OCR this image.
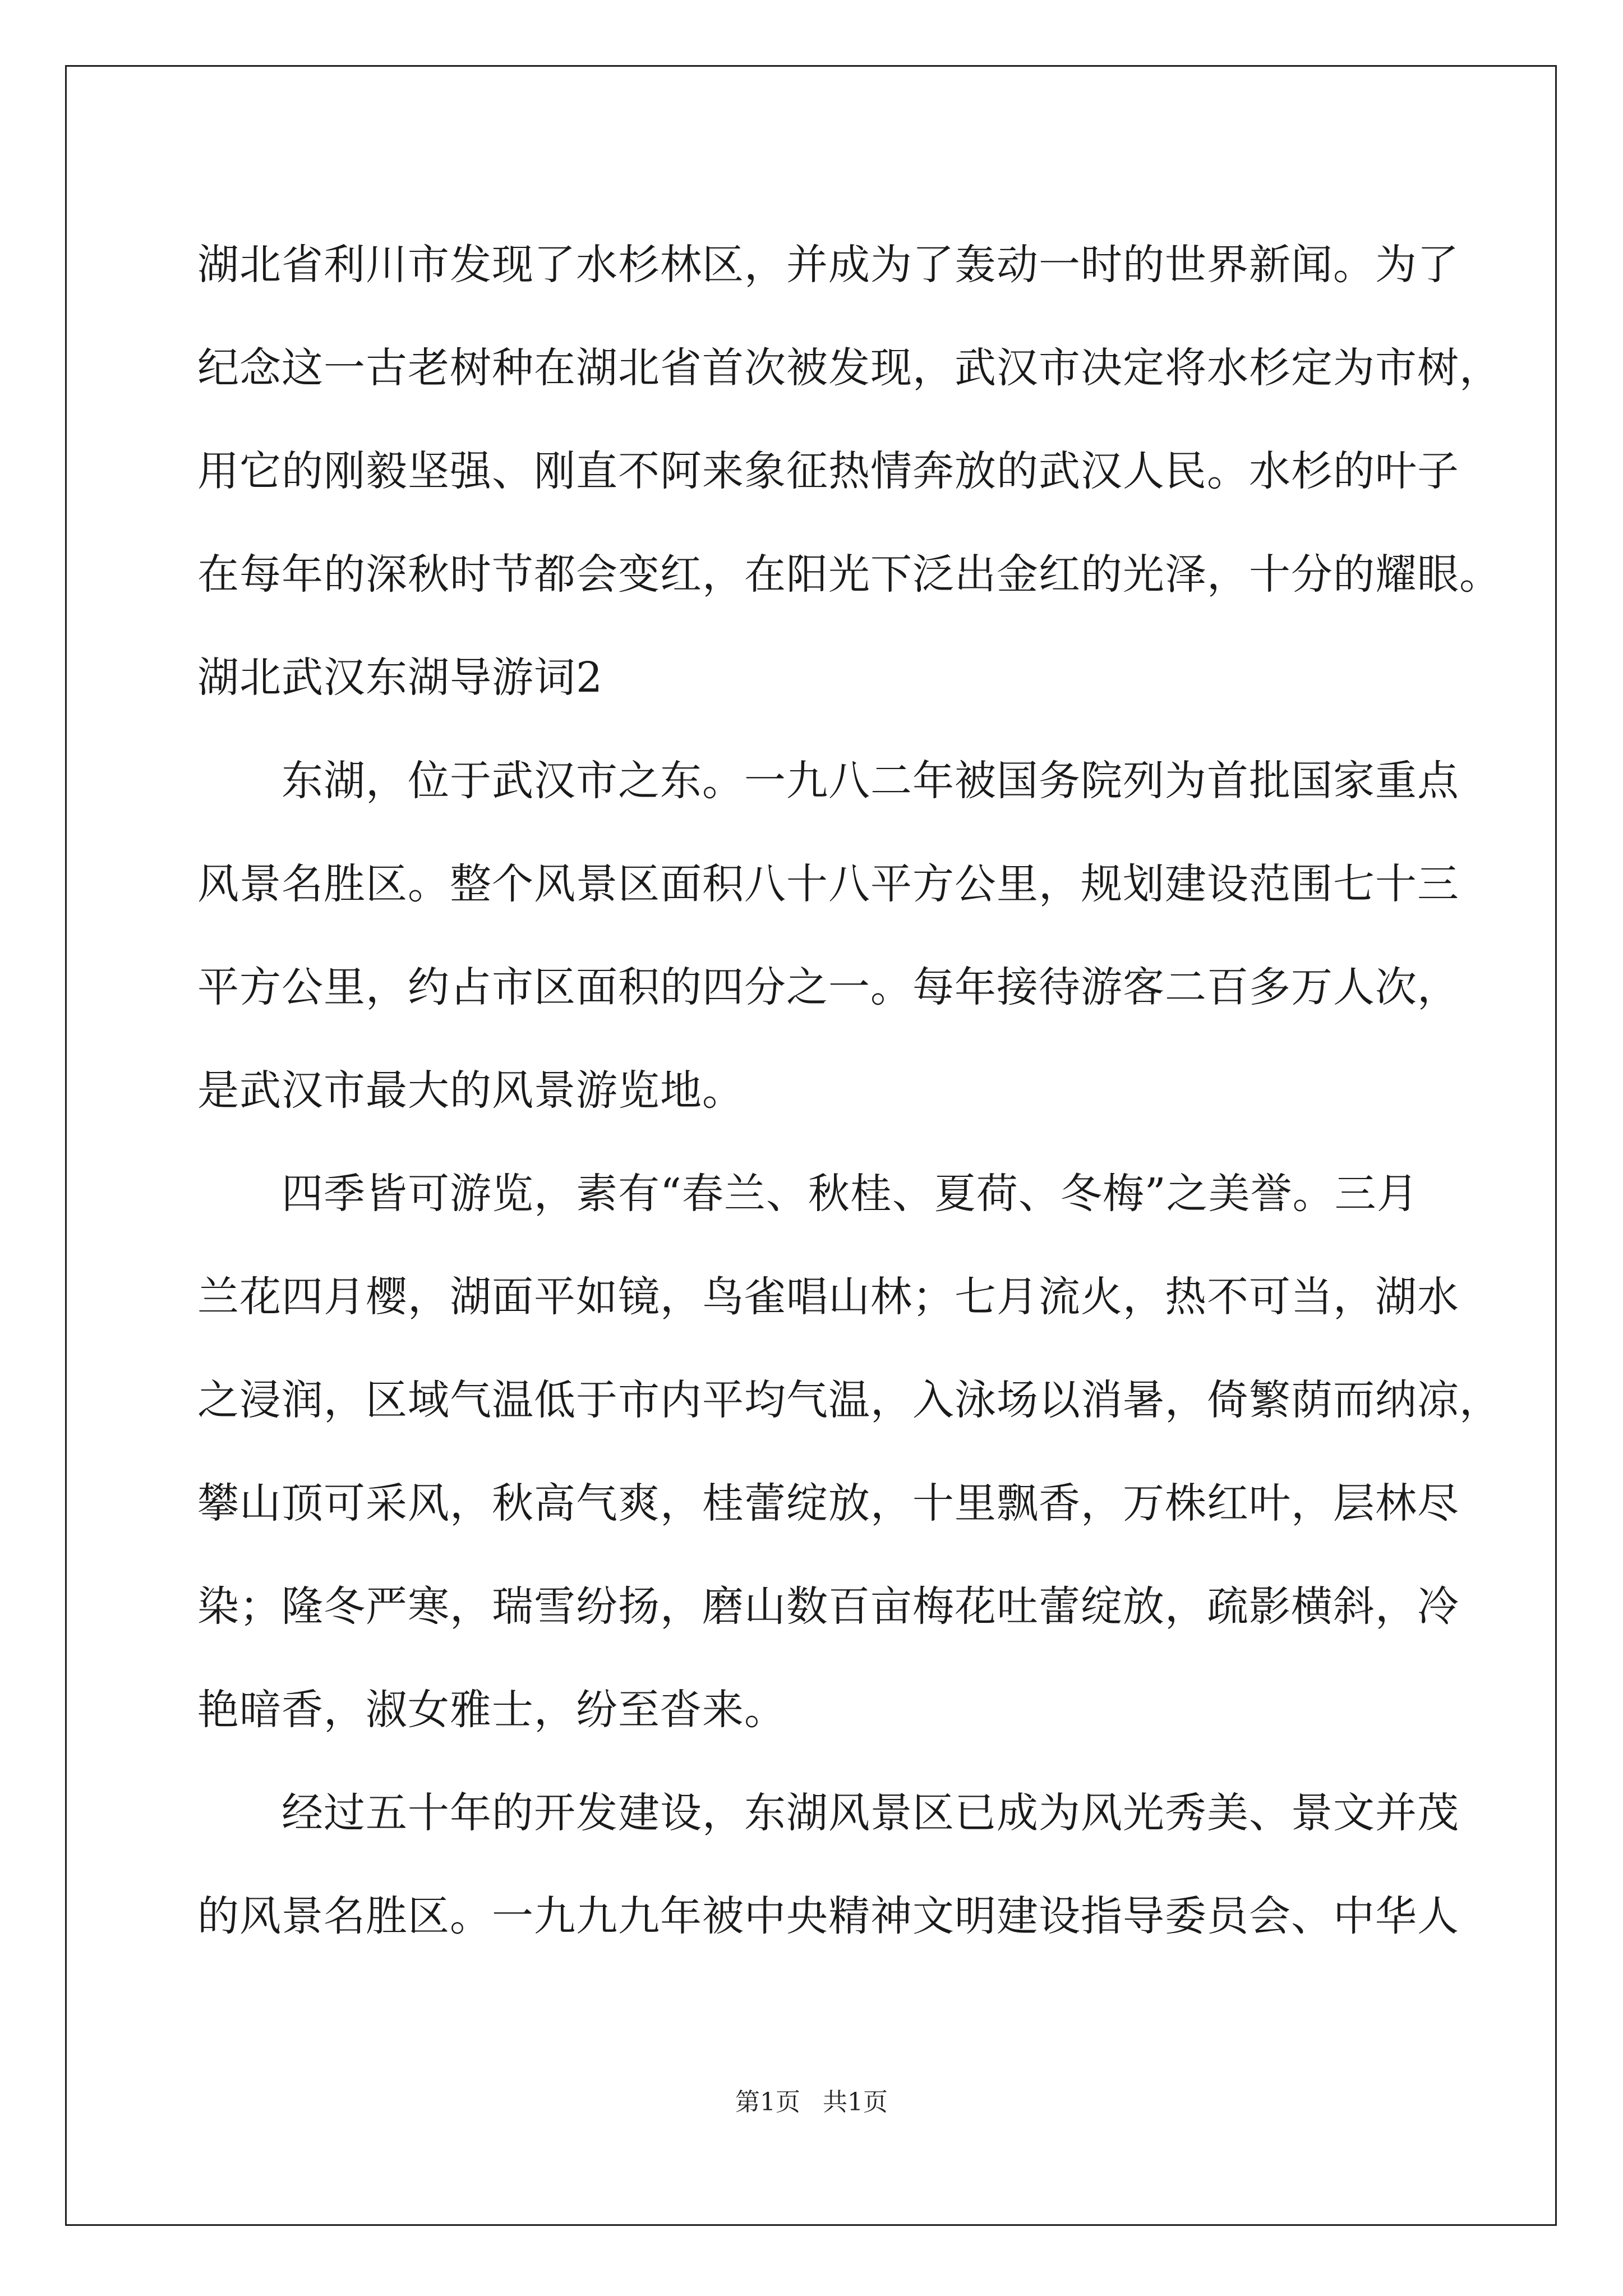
湖北省利川市发现了水杉林区，并成为了轰动一时的世界新闻。为了
纪念这一古老树种在湖北省首次被发现，武汉市决定将水杉定为市树，
用它的刚毅坚强、刚直不阿来象征热情奔放的武汉人民。水杉的叶子
在每年的深秋时节都会变红，在阳光下泛出金红的光泽，十分的耀眼。
湖北武汉东湖导游词2
东湖，位于武汉市之东。一九八二年被国务院列为首批国家重点
风景名胜区。整个风景区面积八十八平方公里，规划建设范围七十三
平方公里，约占市区面积的四分之一。每年接待游客二百多万人次，
是武汉市最大的风景游览地。
四季皆可游览，素有“春兰、秋桂、夏荷、冬梅”之美誉。三月
兰花四月樱，湖面平如镜，鸟雀唱山林；七月流火，热不可当，湖水
之浸润，区域气温低于市内平均气温，入泳场以消暑，倚繁荫而纳凉，
攀山顶可采风，秋高气爽，桂蕾绽放，十里飘香，万株红叶，层林尽
染；隆冬严寒，瑞雪纷扬，磨山数百亩梅花吐蕾绽放，疏影横斜，冷
艳暗香，淑女雅士，纷至沓来。
经过五十年的开发建设，东湖风景区已成为风光秀美、景文并茂
的风景名胜区。一九九九年被中央精神文明建设指导委员会、中华人
第1页 共1页
